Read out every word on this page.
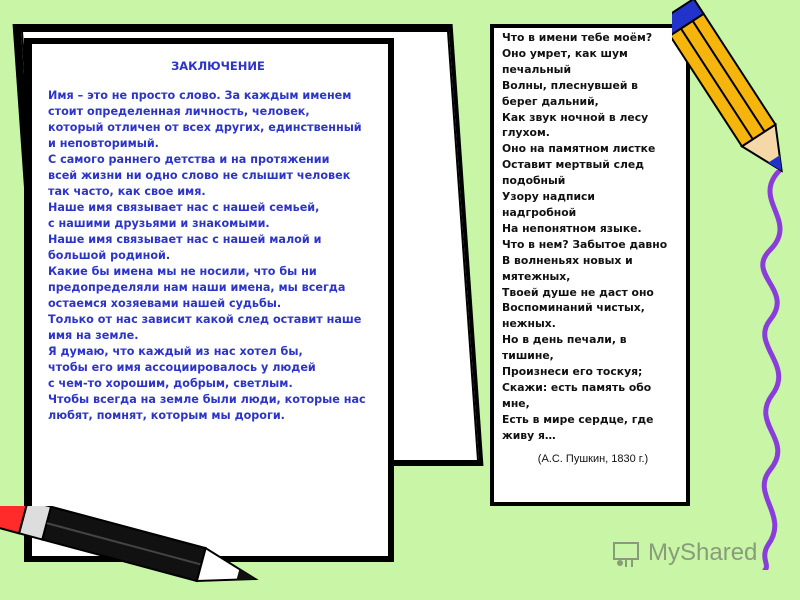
ЗАКЛЮЧЕНИЕ

Имя – это не просто слово. За каждым именем
стоит определенная личность, человек,
который отличен от всех других, единственный
и неповторимый.
С самого раннего детства и на протяжении
всей жизни ни одно слово не слышит человек
так часто, как свое имя.
Наше имя связывает нас с нашей семьей,
с нашими друзьями и знакомыми.
Наше имя связывает нас с нашей малой и
большой родиной.
Какие бы имена мы не носили, что бы ни
предопределяли нам наши имена, мы всегда
остаемся хозяевами нашей судьбы.
Только от нас зависит какой след оставит наше
имя на земле.
Я думаю, что каждый из нас хотел бы,
чтобы его имя ассоциировалось у людей
с чем-то хорошим, добрым, светлым.
Чтобы всегда на земле были люди, которые нас
любят, помнят, которым мы дороги.

Что в имени тебе моём?
Оно умрет, как шум
печальный
Волны, плеснувшей в
берег дальний,
Как звук ночной в лесу
глухом.
Оно на памятном листке
Оставит мертвый след
подобный
Узору надписи
надгробной
На непонятном языке.
Что в нем? Забытое давно
В волненьях новых и
мятежных,
Твоей душе не даст оно
Воспоминаний чистых,
нежных.
Но в день печали, в
тишине,
Произнеси его тоскуя;
Скажи: есть память обо
мне,
Есть в мире сердце, где
живу я…

(А.С. Пушкин, 1830 г.)

MyShared
